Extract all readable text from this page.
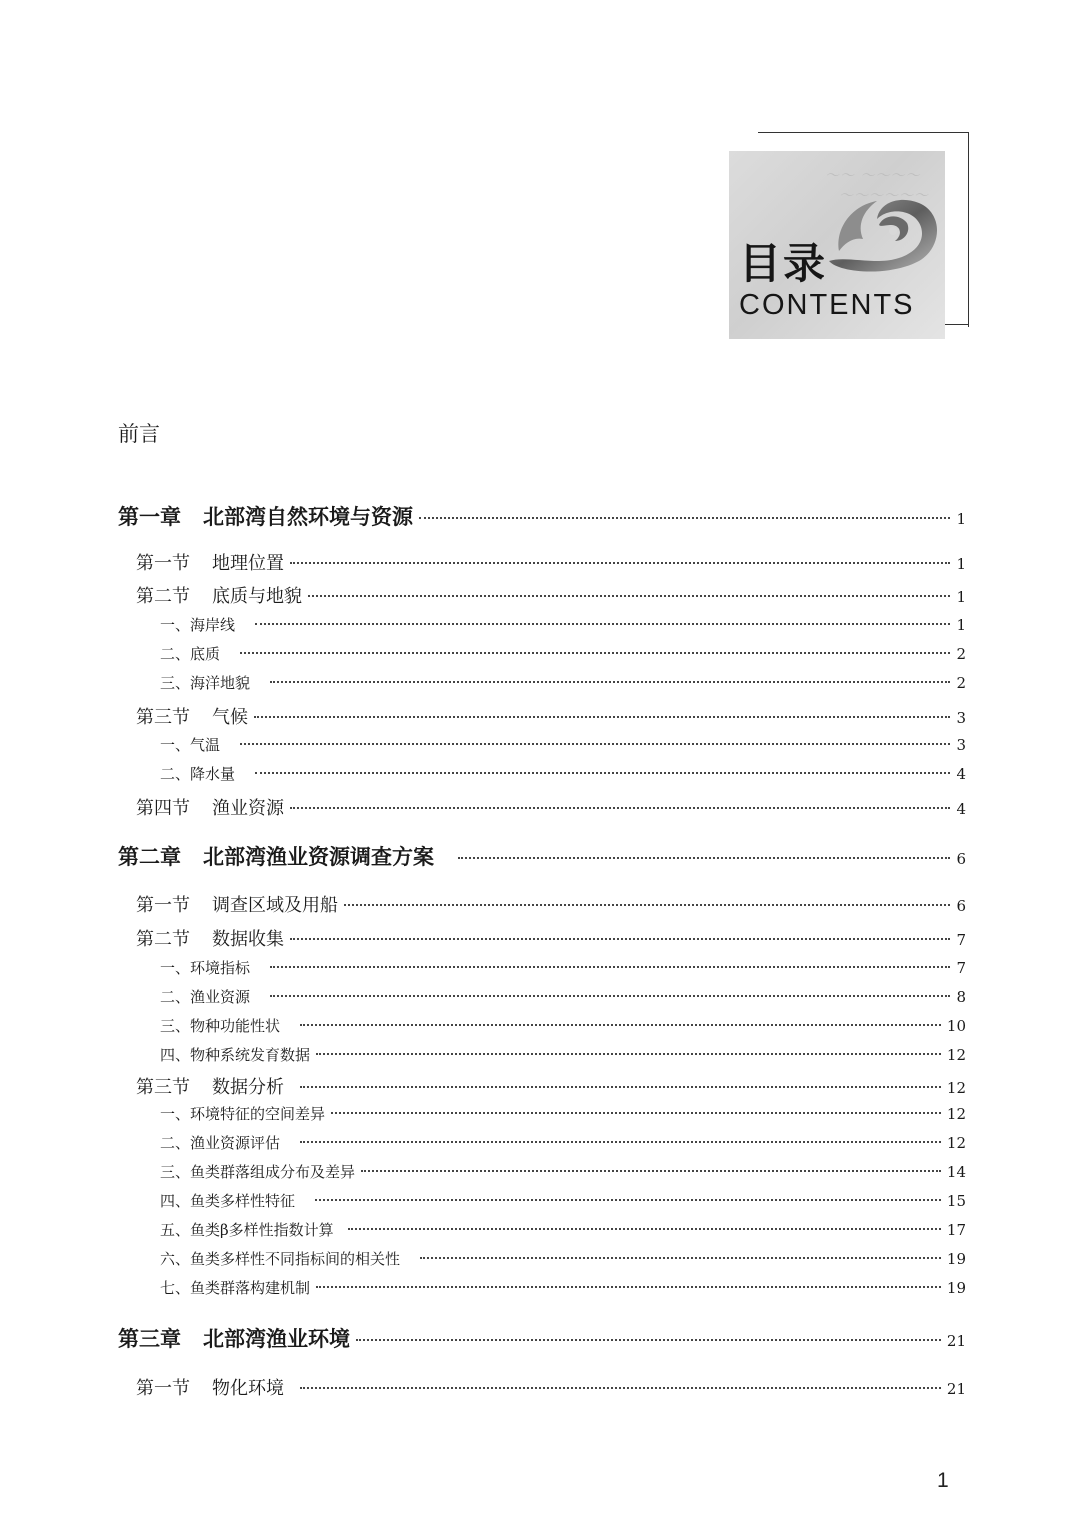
～～ ～～～～
～～～～～～
目录
CONTENTS
前言
第一章 北部湾自然环境与资源	1
第一节 地理位置	1
第二节 底质与地貌	1
一、海岸线	1
二、底质	2
三、海洋地貌	2
第三节 气候	3
一、气温	3
二、降水量	4
第四节 渔业资源	4
第二章 北部湾渔业资源调查方案	6
第一节 调查区域及用船	6
第二节 数据收集	7
一、环境指标	7
二、渔业资源	8
三、物种功能性状	10
四、物种系统发育数据	12
第三节 数据分析	12
一、环境特征的空间差异	12
二、渔业资源评估	12
三、鱼类群落组成分布及差异	14
四、鱼类多样性特征	15
五、鱼类β多样性指数计算	17
六、鱼类多样性不同指标间的相关性	19
七、鱼类群落构建机制	19
第三章 北部湾渔业环境	21
第一节 物化环境	21
1
